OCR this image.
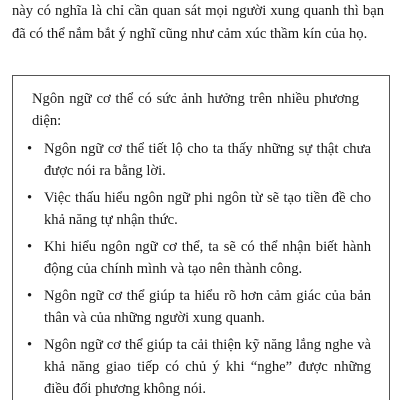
này có nghĩa là chỉ cần quan sát mọi người xung quanh thì bạn đã có thể nắm bắt ý nghĩ cũng như cảm xúc thầm kín của họ.

Ngôn ngữ cơ thể có sức ảnh hưởng trên nhiều phương diện:

• Ngôn ngữ cơ thể tiết lộ cho ta thấy những sự thật chưa được nói ra bằng lời.
• Việc thấu hiểu ngôn ngữ phi ngôn từ sẽ tạo tiền đề cho khả năng tự nhận thức.
• Khi hiểu ngôn ngữ cơ thể, ta sẽ có thể nhận biết hành động của chính mình và tạo nên thành công.
• Ngôn ngữ cơ thể giúp ta hiểu rõ hơn cảm giác của bản thân và của những người xung quanh.
• Ngôn ngữ cơ thể giúp ta cải thiện kỹ năng lắng nghe và khả năng giao tiếp có chủ ý khi “nghe” được những điều đối phương không nói.
